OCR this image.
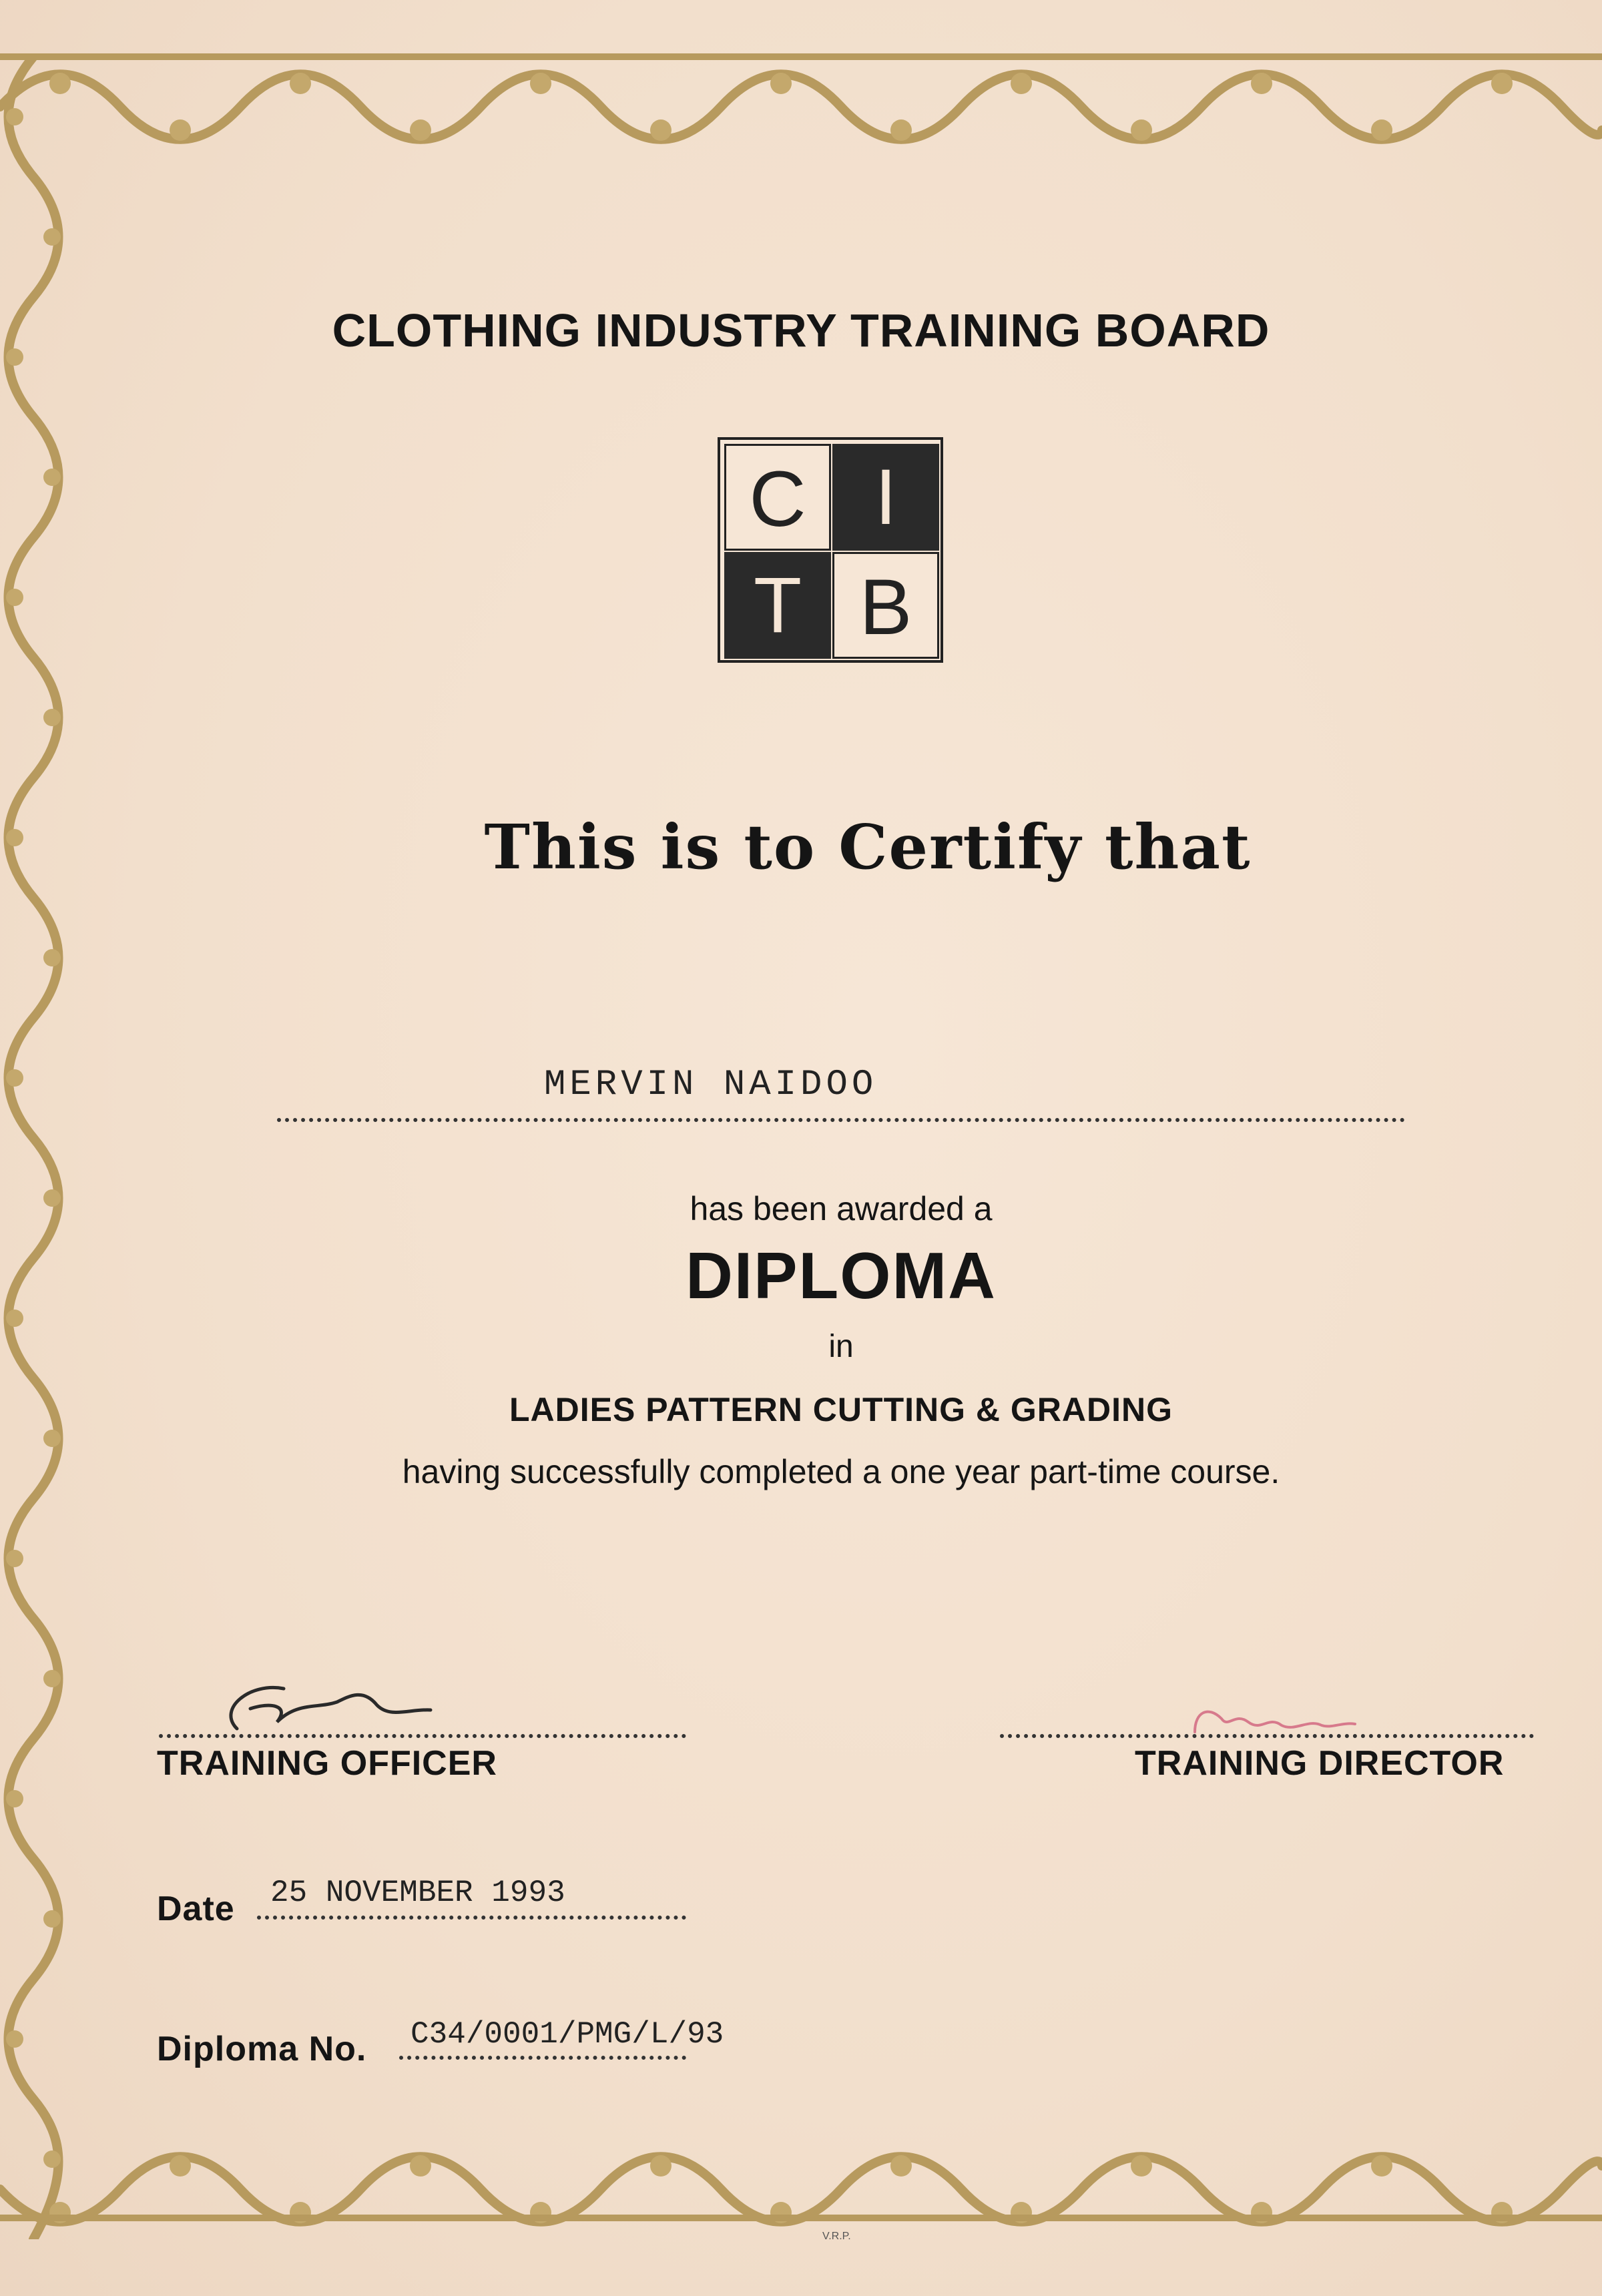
CLOTHING INDUSTRY TRAINING BOARD
C I
T B
This is to Certify that
MERVIN NAIDOO
has been awarded a
DIPLOMA
in
LADIES PATTERN CUTTING & GRADING
having successfully completed a one year part-time course.
TRAINING OFFICER	TRAINING DIRECTOR
Date 25 NOVEMBER 1993
Diploma No. C34/0001/PMG/L/93
V.R.P.
